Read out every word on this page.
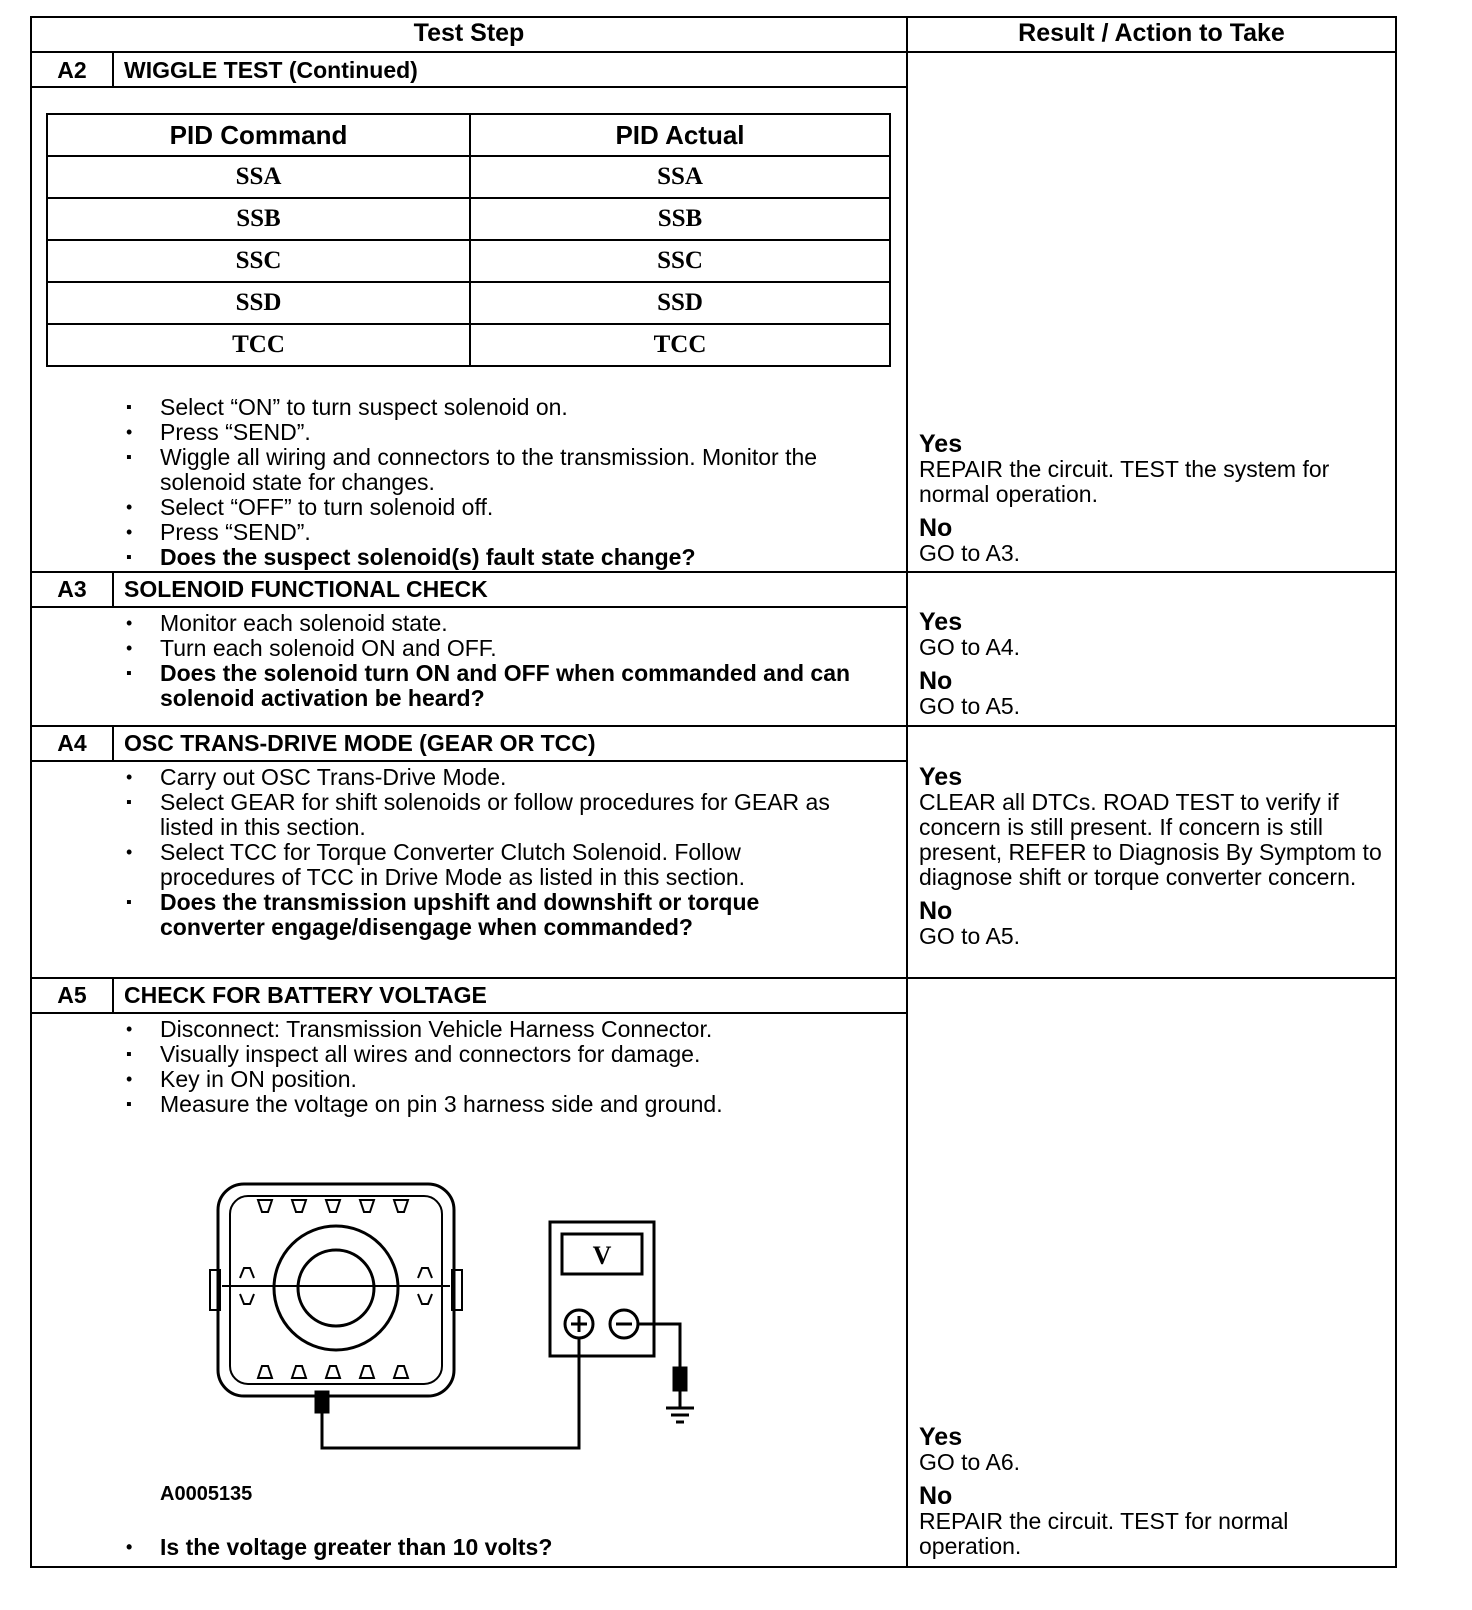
Test Step	Result / Action to Take
A2	WIGGLE TEST (Continued)
PID Command	PID Actual
SSA	SSA
SSB	SSB
SSC	SSC
SSD	SSD
TCC	TCC
▪ Select “ON” to turn suspect solenoid on.
• Press “SEND”.
▪ Wiggle all wiring and connectors to the transmission. Monitor the solenoid state for changes.
• Select “OFF” to turn solenoid off.
• Press “SEND”.
▪ Does the suspect solenoid(s) fault state change?
Yes
REPAIR the circuit. TEST the system for normal operation.
No
GO to A3.
A3	SOLENOID FUNCTIONAL CHECK
• Monitor each solenoid state.
• Turn each solenoid ON and OFF.
▪ Does the solenoid turn ON and OFF when commanded and can solenoid activation be heard?
Yes
GO to A4.
No
GO to A5.
A4	OSC TRANS-DRIVE MODE (GEAR OR TCC)
• Carry out OSC Trans-Drive Mode.
▪ Select GEAR for shift solenoids or follow procedures for GEAR as listed in this section.
• Select TCC for Torque Converter Clutch Solenoid. Follow procedures of TCC in Drive Mode as listed in this section.
▪ Does the transmission upshift and downshift or torque converter engage/disengage when commanded?
Yes
CLEAR all DTCs. ROAD TEST to verify if concern is still present. If concern is still present, REFER to Diagnosis By Symptom to diagnose shift or torque converter concern.
No
GO to A5.
A5	CHECK FOR BATTERY VOLTAGE
• Disconnect: Transmission Vehicle Harness Connector.
▪ Visually inspect all wires and connectors for damage.
• Key in ON position.
▪ Measure the voltage on pin 3 harness side and ground.
V
A0005135
• Is the voltage greater than 10 volts?
Yes
GO to A6.
No
REPAIR the circuit. TEST for normal operation.
